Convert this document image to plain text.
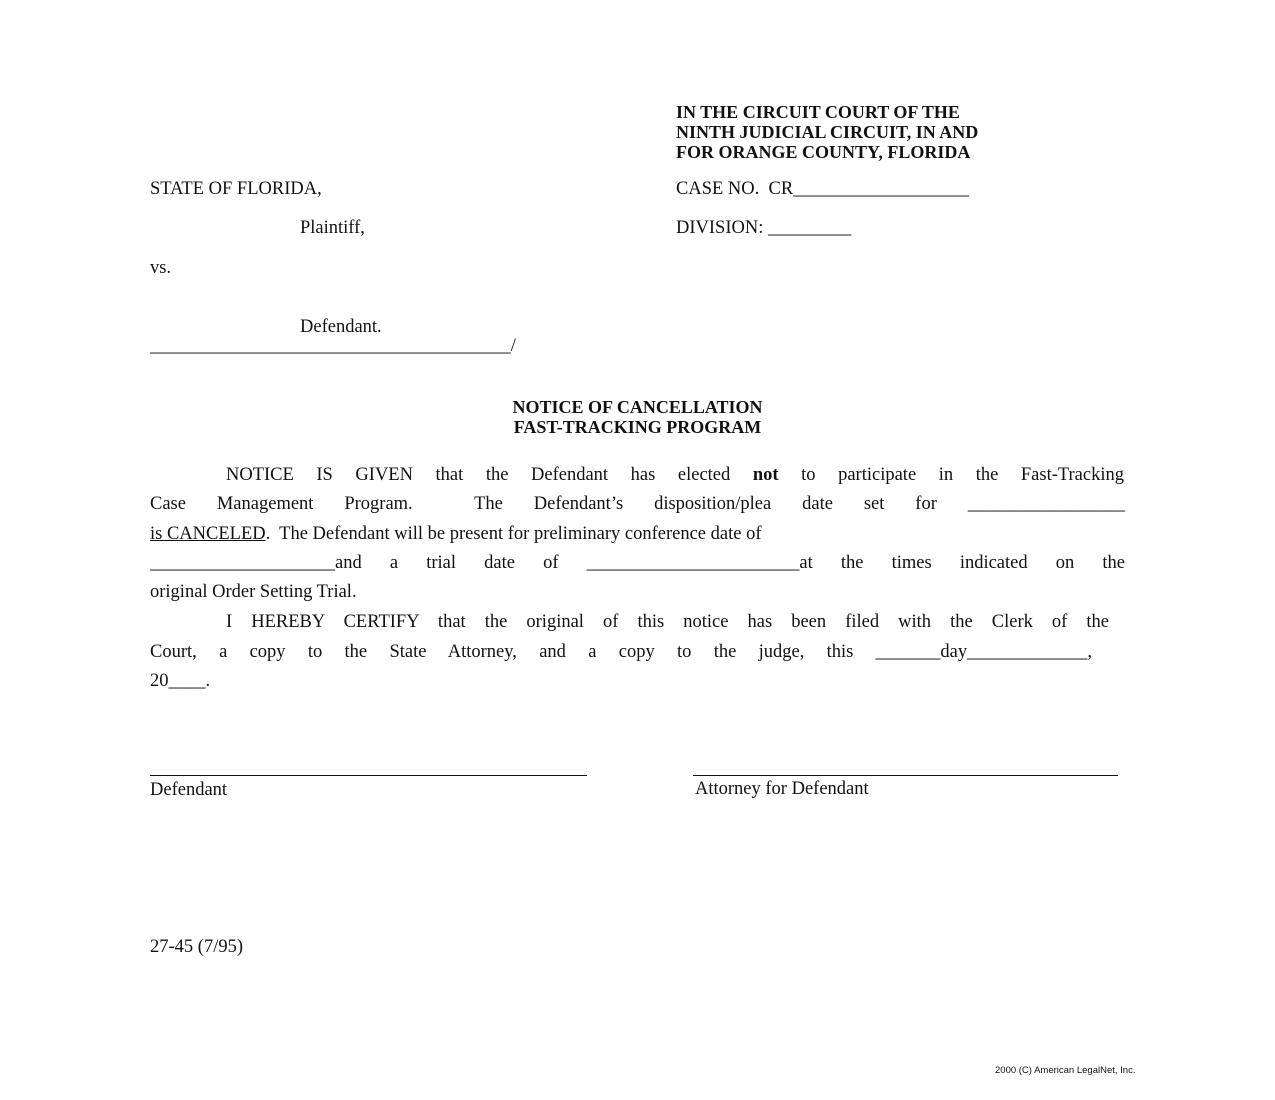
IN THE CIRCUIT COURT OF THE
NINTH JUDICIAL CIRCUIT, IN AND
FOR ORANGE COUNTY, FLORIDA
STATE OF FLORIDA,	CASE NO.  CR___________________
Plaintiff,	DIVISION: _________
vs.
Defendant.
_______________________________________/
NOTICE OF CANCELLATION
FAST-TRACKING PROGRAM
NOTICE IS GIVEN that the Defendant has elected not to participate in the Fast-Tracking
Case Management Program.  The Defendant’s disposition/plea date set for _________________
is CANCELED.  The Defendant will be present for preliminary conference date of
____________________and a trial date of _______________________at the times indicated on the
original Order Setting Trial.
I HEREBY CERTIFY that the original of this notice has been filed with the Clerk of the
Court, a copy to the State Attorney, and a copy to the judge, this _______day_____________,
20____.
Defendant	Attorney for Defendant
27-45 (7/95)
2000 (C) American LegalNet, Inc.
